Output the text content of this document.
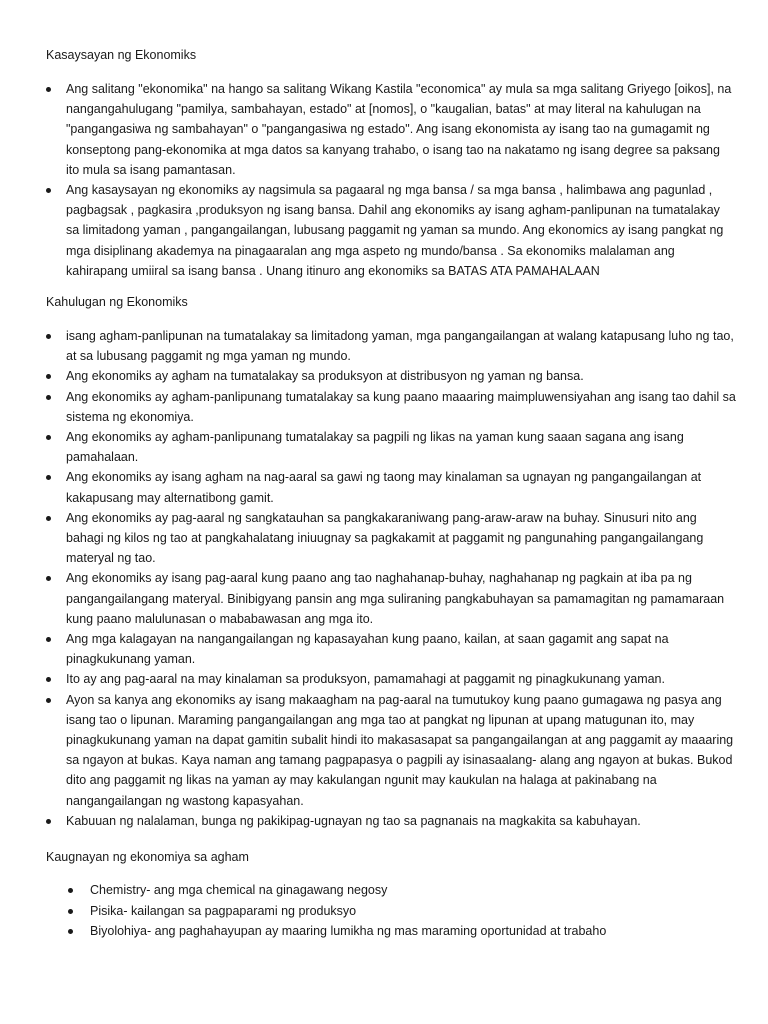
Kasaysayan ng Ekonomiks

Ang salitang "ekonomika" na hango sa salitang Wikang Kastila "economica" ay mula sa mga salitang Griyego [oikos], na nangangahulugang "pamilya, sambahayan, estado" at [nomos], o "kaugalian, batas" at may literal na kahulugan na "pangangasiwa ng sambahayan" o "pangangasiwa ng estado". Ang isang ekonomista ay isang tao na gumagamit ng konseptong pang-ekonomika at mga datos sa kanyang trahabo, o isang tao na nakatamo ng isang degree sa paksang ito mula sa isang pamantasan.
Ang kasaysayan ng ekonomiks ay nagsimula sa pagaaral ng mga bansa / sa mga bansa , halimbawa ang pagunlad , pagbagsak , pagkasira ,produksyon ng isang bansa. Dahil ang ekonomiks ay isang agham-panlipunan na tumatalakay sa limitadong yaman , pangangailangan, lubusang paggamit ng yaman sa mundo. Ang ekonomics ay isang pangkat ng mga disiplinang akademya na pinagaaralan ang mga aspeto ng mundo/bansa . Sa ekonomiks malalaman ang kahirapang umiiral sa isang bansa . Unang itinuro ang ekonomiks sa BATAS ATA PAMAHALAAN

Kahulugan ng Ekonomiks

isang agham-panlipunan na tumatalakay sa limitadong yaman, mga pangangailangan at walang katapusang luho ng tao, at sa lubusang paggamit ng mga yaman ng mundo.
Ang ekonomiks ay agham na tumatalakay sa produksyon at distribusyon ng yaman ng bansa.
Ang ekonomiks ay agham-panlipunang tumatalakay sa kung paano maaaring maimpluwensiyahan ang isang tao dahil sa sistema ng ekonomiya.
Ang ekonomiks ay agham-panlipunang tumatalakay sa pagpili ng likas na yaman kung saaan sagana ang isang pamahalaan.
Ang ekonomiks ay isang agham na nag-aaral sa gawi ng taong may kinalaman sa ugnayan ng pangangailangan at kakapusang may alternatibong gamit.
Ang ekonomiks ay pag-aaral ng sangkatauhan sa pangkakaraniwang pang-araw-araw na buhay. Sinusuri nito ang bahagi ng kilos ng tao at pangkahalatang iniuugnay sa pagkakamit at paggamit ng pangunahing pangangailangang materyal ng tao.
Ang ekonomiks ay isang pag-aaral kung paano ang tao naghahanap-buhay, naghahanap ng pagkain at iba pa ng pangangailangang materyal. Binibigyang pansin ang mga suliraning pangkabuhayan sa pamamagitan ng pamamaraan kung paano malulunasan o mababawasan ang mga ito.
Ang mga kalagayan na nangangailangan ng kapasayahan kung paano, kailan, at saan gagamit ang sapat na pinagkukunang yaman.
Ito ay ang pag-aaral na may kinalaman sa produksyon, pamamahagi at paggamit ng pinagkukunang yaman.
Ayon sa kanya ang ekonomiks ay isang makaagham na pag-aaral na tumutukoy kung paano gumagawa ng pasya ang isang tao o lipunan. Maraming pangangailangan ang mga tao at pangkat ng lipunan at upang matugunan ito, may pinagkukunang yaman na dapat gamitin subalit hindi ito makasasapat sa pangangailangan at ang paggamit ay maaaring sa ngayon at bukas. Kaya naman ang tamang pagpapasya o pagpili ay isinasaalang- alang ang ngayon at bukas. Bukod dito ang paggamit ng likas na yaman ay may kakulangan ngunit may kaukulan na halaga at pakinabang na nangangailangan ng wastong kapasyahan.
Kabuuan ng nalalaman, bunga ng pakikipag-ugnayan ng tao sa pagnanais na magkakita sa kabuhayan.

Kaugnayan ng ekonomiya sa agham

Chemistry- ang mga chemical na ginagawang negosy
Pisika- kailangan sa pagpaparami ng produksyo
Biyolohiya- ang paghahayupan ay maaring lumikha ng mas maraming oportunidad at trabaho
